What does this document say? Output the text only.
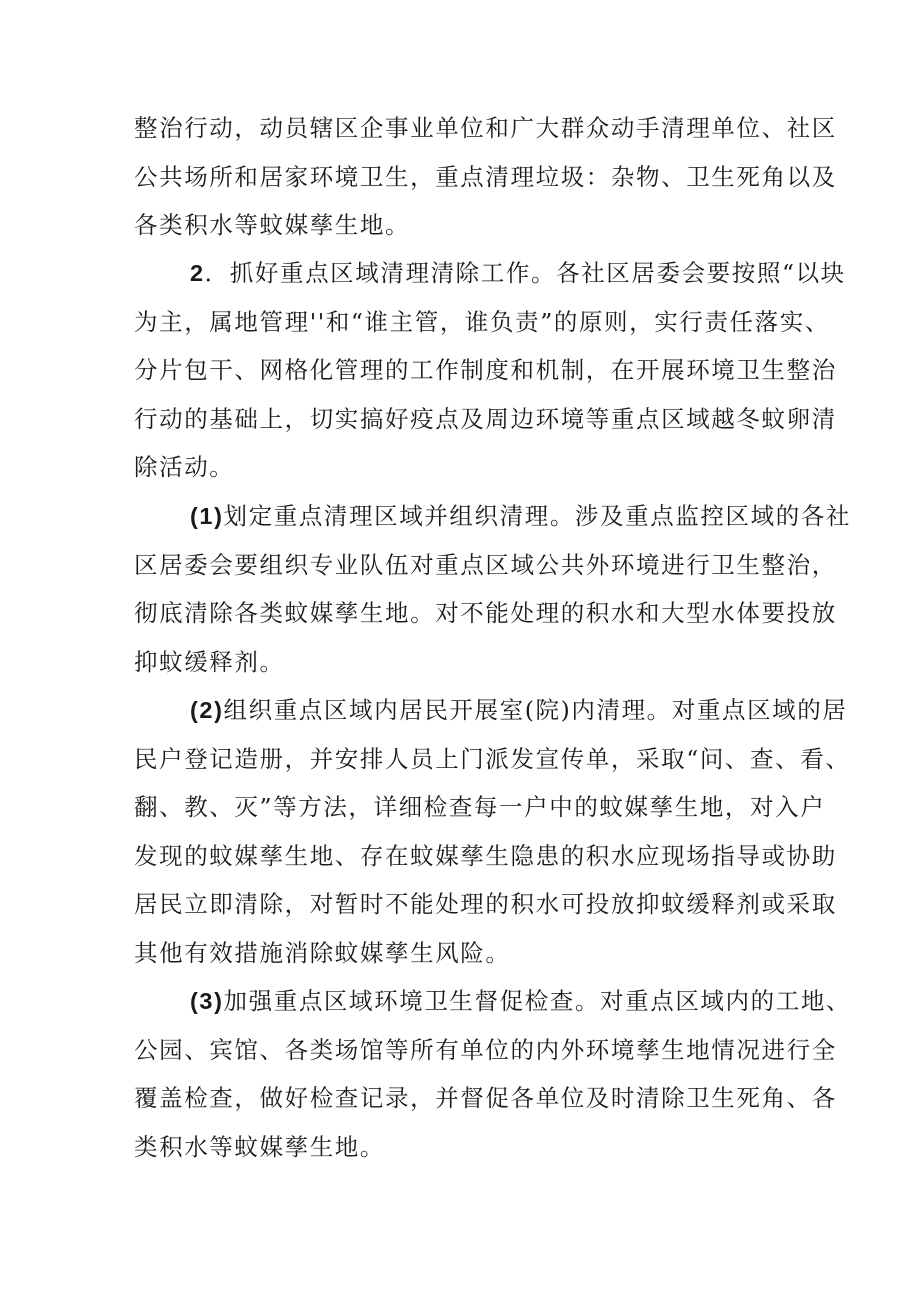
整治行动，动员辖区企事业单位和广大群众动手清理单位、社区
公共场所和居家环境卫生，重点清理垃圾：杂物、卫生死角以及
各类积水等蚊媒孳生地。
2．抓好重点区域清理清除工作。各社区居委会要按照“以块
为主，属地管理''和“谁主管，谁负责”的原则，实行责任落实、
分片包干、网格化管理的工作制度和机制，在开展环境卫生整治
行动的基础上，切实搞好疫点及周边环境等重点区域越冬蚊卵清
除活动。
(1)划定重点清理区域并组织清理。涉及重点监控区域的各社
区居委会要组织专业队伍对重点区域公共外环境进行卫生整治，
彻底清除各类蚊媒孳生地。对不能处理的积水和大型水体要投放
抑蚊缓释剂。
(2)组织重点区域内居民开展室(院)内清理。对重点区域的居
民户登记造册，并安排人员上门派发宣传单，采取“问、查、看、
翻、教、灭”等方法，详细检查每一户中的蚊媒孳生地，对入户
发现的蚊媒孳生地、存在蚊媒孳生隐患的积水应现场指导或协助
居民立即清除，对暂时不能处理的积水可投放抑蚊缓释剂或采取
其他有效措施消除蚊媒孳生风险。
(3)加强重点区域环境卫生督促检查。对重点区域内的工地、
公园、宾馆、各类场馆等所有单位的内外环境孳生地情况进行全
覆盖检查，做好检查记录，并督促各单位及时清除卫生死角、各
类积水等蚊媒孳生地。
